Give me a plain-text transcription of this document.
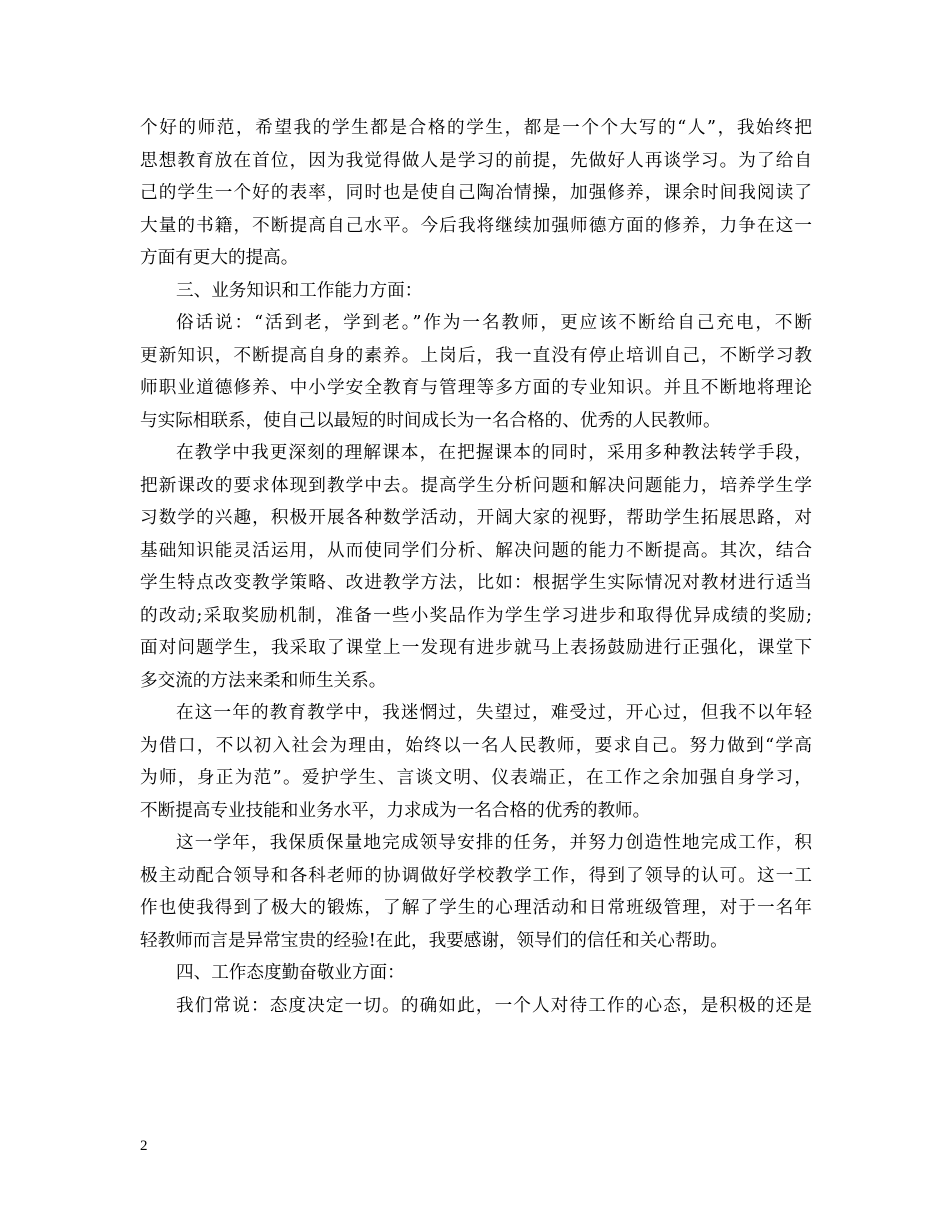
个好的师范，希望我的学生都是合格的学生，都是一个个大写的“人”，我始终把
思想教育放在首位，因为我觉得做人是学习的前提，先做好人再谈学习。为了给自
己的学生一个好的表率，同时也是使自己陶冶情操，加强修养，课余时间我阅读了
大量的书籍，不断提高自己水平。今后我将继续加强师德方面的修养，力争在这一
方面有更大的提高。
三、业务知识和工作能力方面：
俗话说：“活到老，学到老。”作为一名教师，更应该不断给自己充电，不断
更新知识，不断提高自身的素养。上岗后，我一直没有停止培训自己，不断学习教
师职业道德修养、中小学安全教育与管理等多方面的专业知识。并且不断地将理论
与实际相联系，使自己以最短的时间成长为一名合格的、优秀的人民教师。
在教学中我更深刻的理解课本，在把握课本的同时，采用多种教法转学手段，
把新课改的要求体现到教学中去。提高学生分析问题和解决问题能力，培养学生学
习数学的兴趣，积极开展各种数学活动，开阔大家的视野，帮助学生拓展思路，对
基础知识能灵活运用，从而使同学们分析、解决问题的能力不断提高。其次，结合
学生特点改变教学策略、改进教学方法，比如：根据学生实际情况对教材进行适当
的改动;采取奖励机制，准备一些小奖品作为学生学习进步和取得优异成绩的奖励;
面对问题学生，我采取了课堂上一发现有进步就马上表扬鼓励进行正强化，课堂下
多交流的方法来柔和师生关系。
在这一年的教育教学中，我迷惘过，失望过，难受过，开心过，但我不以年轻
为借口，不以初入社会为理由，始终以一名人民教师，要求自己。努力做到“学高
为师，身正为范”。爱护学生、言谈文明、仪表端正，在工作之余加强自身学习，
不断提高专业技能和业务水平，力求成为一名合格的优秀的教师。
这一学年，我保质保量地完成领导安排的任务，并努力创造性地完成工作，积
极主动配合领导和各科老师的协调做好学校教学工作，得到了领导的认可。这一工
作也使我得到了极大的锻炼，了解了学生的心理活动和日常班级管理，对于一名年
轻教师而言是异常宝贵的经验!在此，我要感谢，领导们的信任和关心帮助。
四、工作态度勤奋敬业方面：
我们常说：态度决定一切。的确如此，一个人对待工作的心态，是积极的还是
2
